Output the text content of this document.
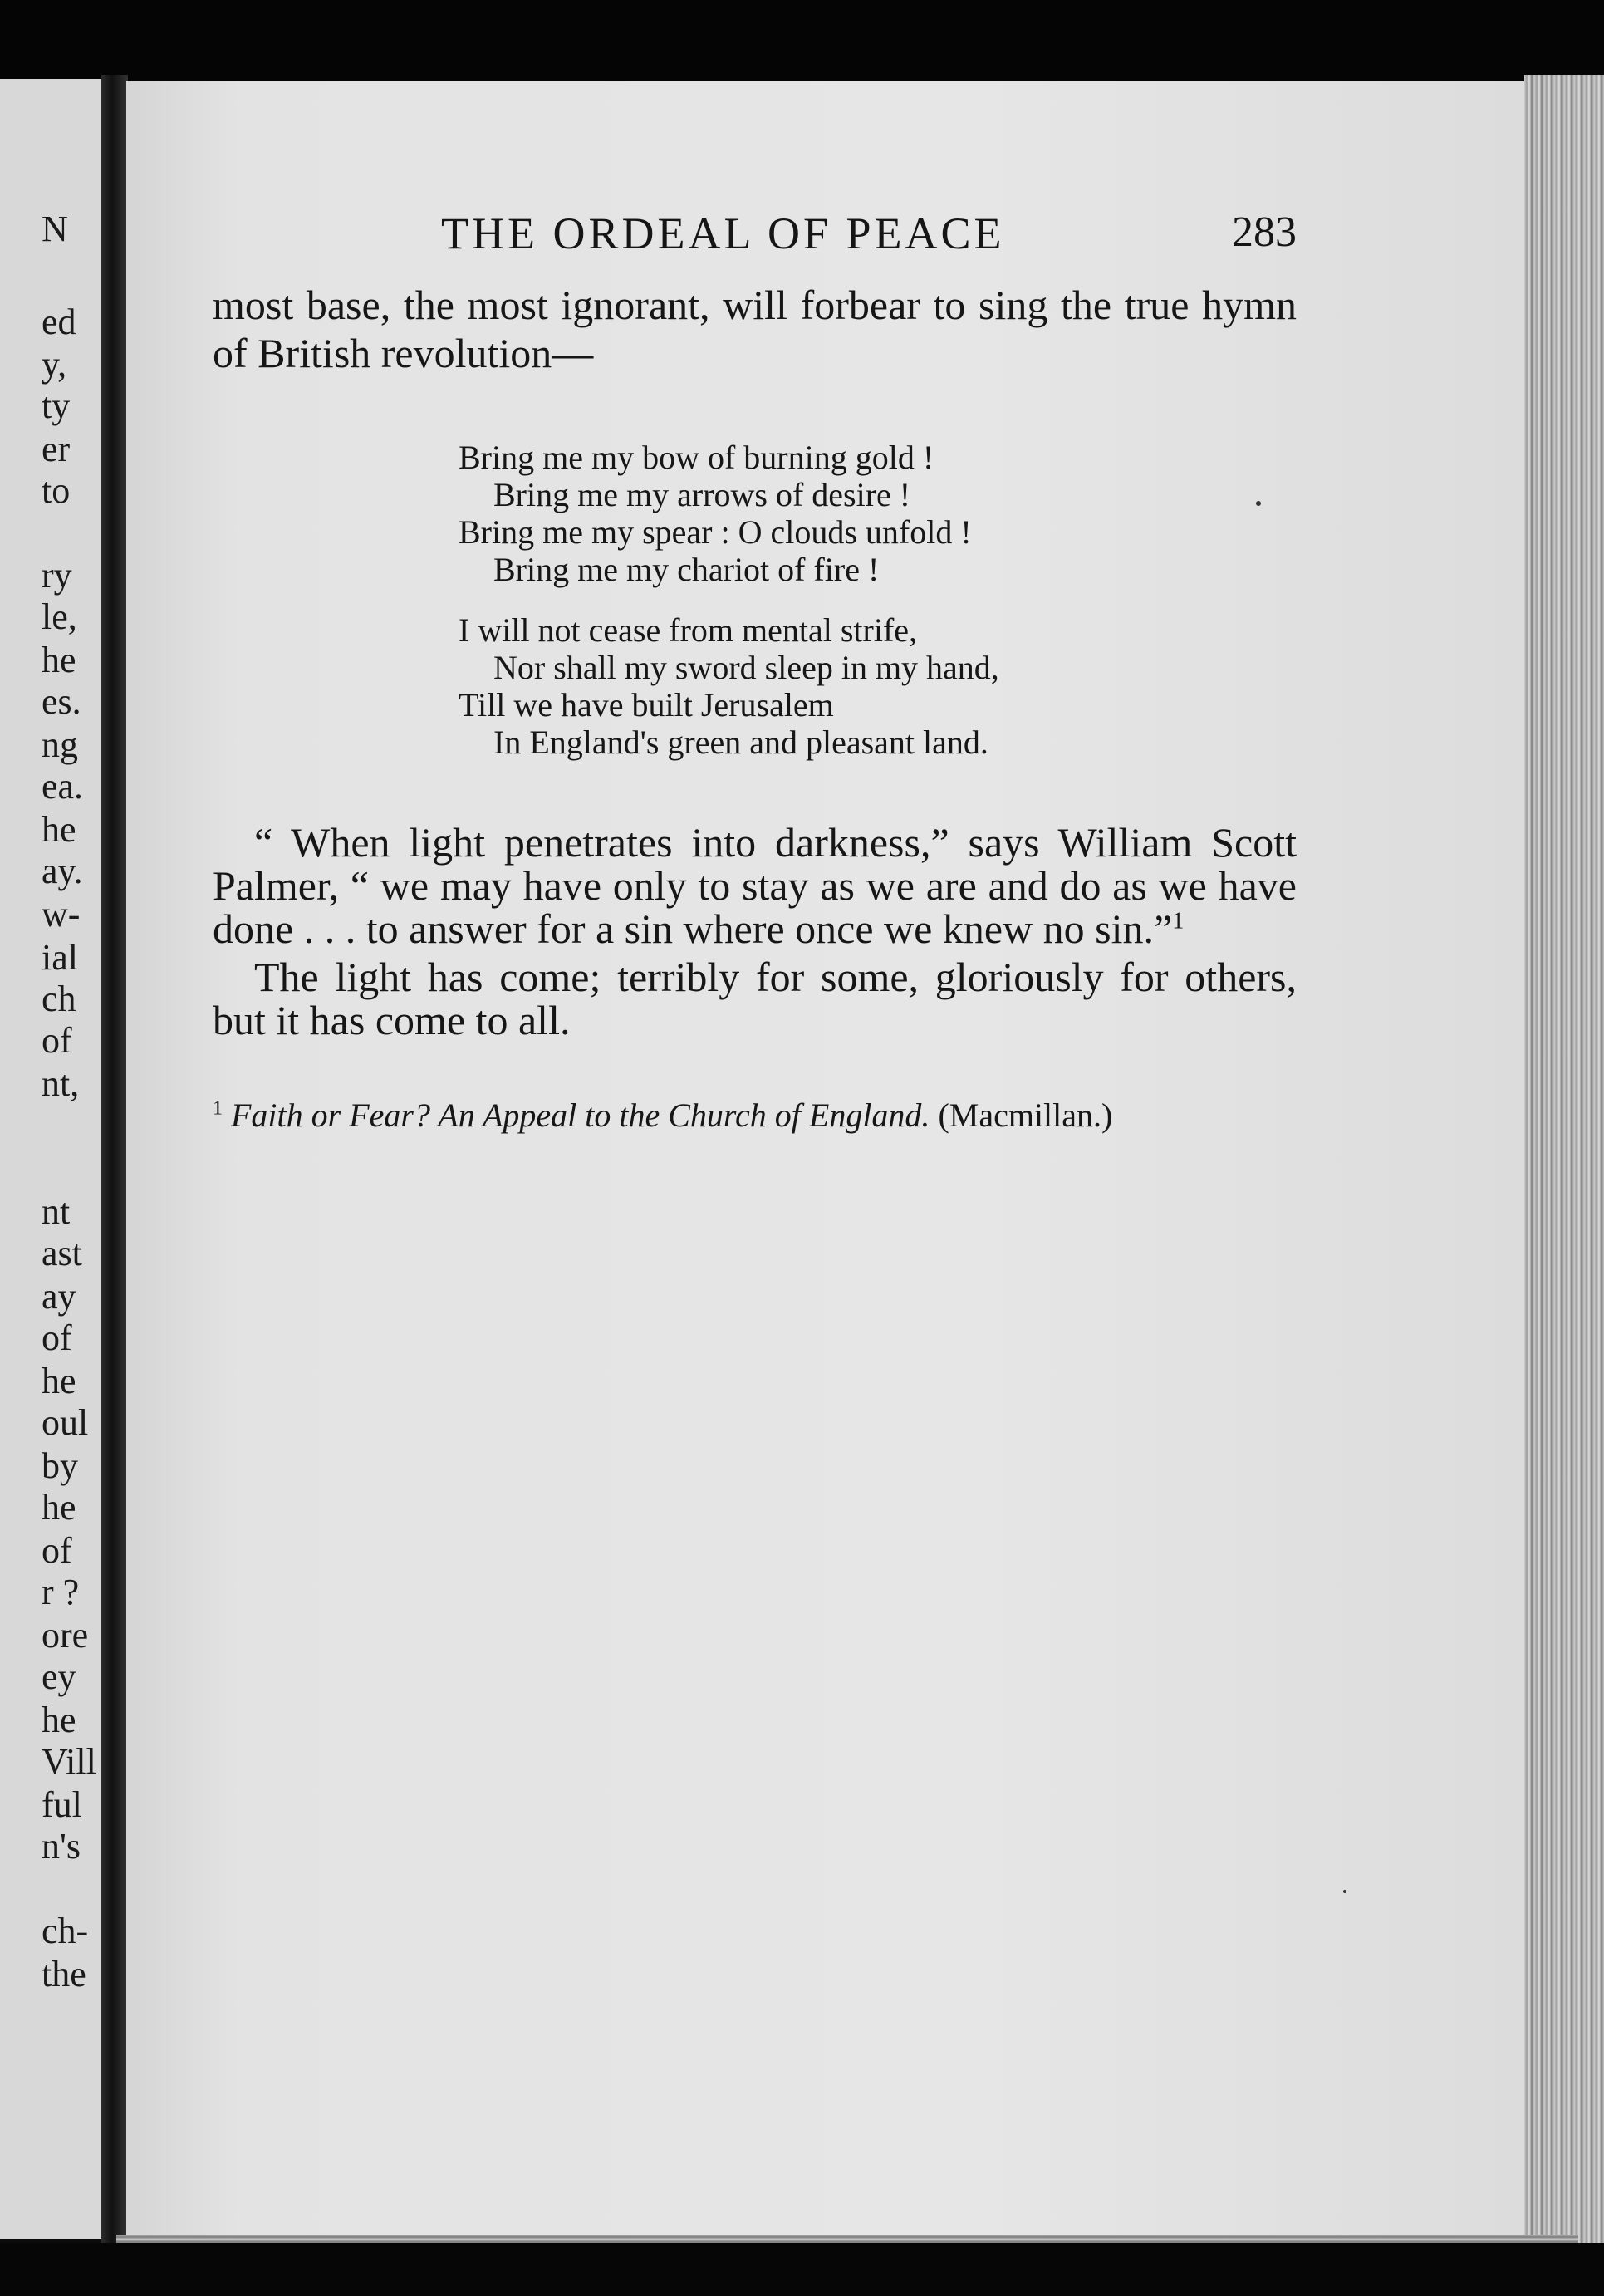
N
ed
y,
ty
er
to
ry
le,
he
es.
ng
ea.
he
ay.
w-
ial
ch
of
nt,
nt
ast
ay
of
he
oul
by
he
of
r ?
ore
ey
he
Vill
ful
n's
ch-
the
THE ORDEAL OF PEACE	283

most base, the most ignorant, will forbear to sing the true hymn of British revolution—

Bring me my bow of burning gold !
Bring me my arrows of desire !
Bring me my spear : O clouds unfold !
Bring me my chariot of fire !
I will not cease from mental strife,
Nor shall my sword sleep in my hand,
Till we have built Jerusalem
In England's green and pleasant land.
“ When light penetrates into darkness,” says William Scott Palmer, “ we may have only to stay as we are and do as we have done . . . to answer for a sin where once we knew no sin.”$^1$
The light has come; terribly for some, gloriously for others, but it has come to all.
$^1$ Faith or Fear? An Appeal to the Church of England. (Macmillan.)
